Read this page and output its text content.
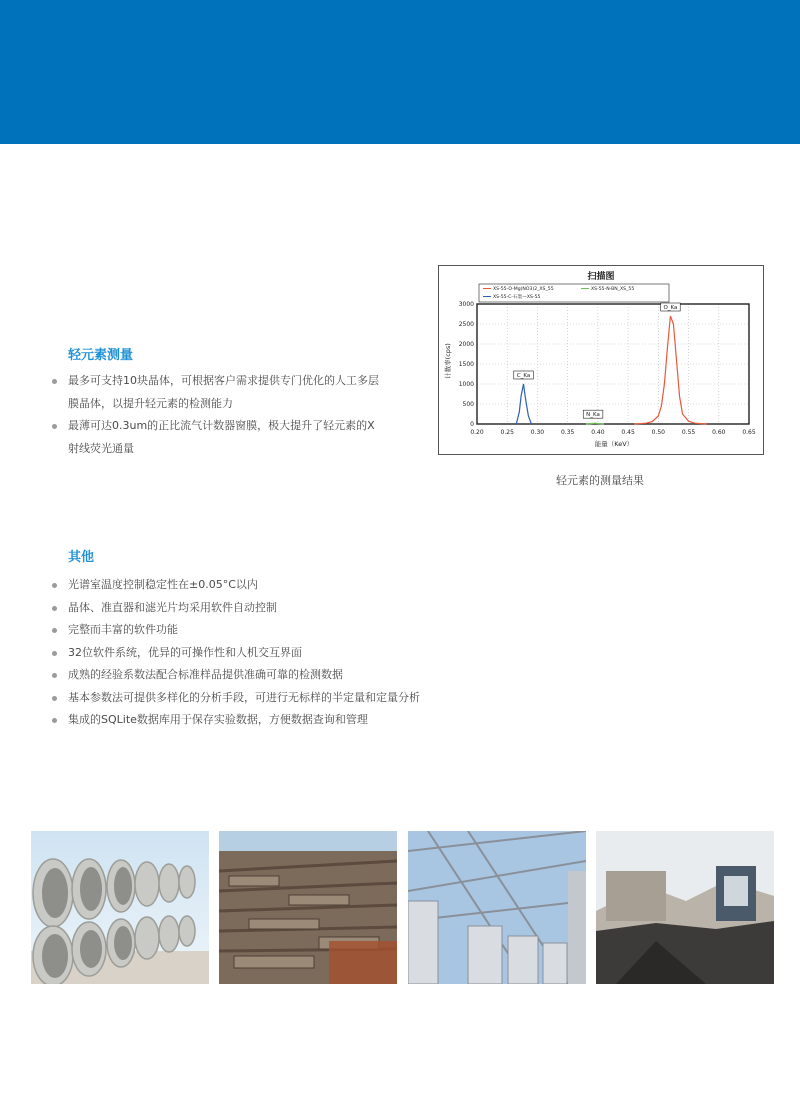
轻元素测量
最多可支持10块晶体，可根据客户需求提供专门优化的人工多层膜晶体，以提升轻元素的检测能力
最薄可达0.3um的正比流气计数器窗膜，极大提升了轻元素的X射线荧光通量
扫描图
XS-55-O-Mg(NO3)2_XS_55	XS-55-N-BN_XS_55
XS-55-C-石墨—XS-55
0.20	0.25	0.30	0.35	0.40	0.45	0.50	0.55	0.60	0.65
0
500
1000
1500
2000
2500
3000	O_Ka
C_Ka
N_Ka
计数率(cps)
能量（KeV）
轻元素的测量结果
其他
光谱室温度控制稳定性在±0.05°C以内
晶体、准直器和滤光片均采用软件自动控制
完整而丰富的软件功能
32位软件系统，优异的可操作性和人机交互界面
成熟的经验系数法配合标准样品提供准确可靠的检测数据
基本参数法可提供多样化的分析手段，可进行无标样的半定量和定量分析
集成的SQLite数据库用于保存实验数据，方便数据查询和管理
